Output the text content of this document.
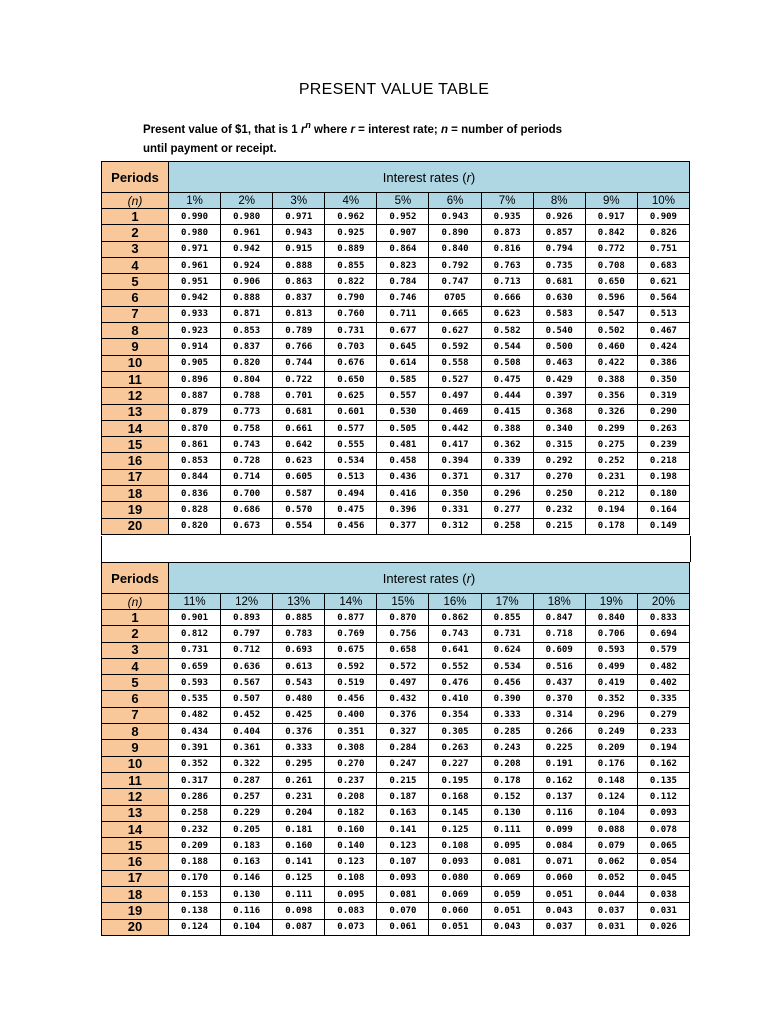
PRESENT VALUE TABLE
Present value of $1, that is 1 $r^n$ where r = interest rate; n = number of periods
until payment or receipt.
Periods	Interest rates (r)									
(n)	1%	2%	3%	4%	5%	6%	7%	8%	9%	10%
1	0.990	0.980	0.971	0.962	0.952	0.943	0.935	0.926	0.917	0.909
2	0.980	0.961	0.943	0.925	0.907	0.890	0.873	0.857	0.842	0.826
3	0.971	0.942	0.915	0.889	0.864	0.840	0.816	0.794	0.772	0.751
4	0.961	0.924	0.888	0.855	0.823	0.792	0.763	0.735	0.708	0.683
5	0.951	0.906	0.863	0.822	0.784	0.747	0.713	0.681	0.650	0.621
6	0.942	0.888	0.837	0.790	0.746	0705	0.666	0.630	0.596	0.564
7	0.933	0.871	0.813	0.760	0.711	0.665	0.623	0.583	0.547	0.513
8	0.923	0.853	0.789	0.731	0.677	0.627	0.582	0.540	0.502	0.467
9	0.914	0.837	0.766	0.703	0.645	0.592	0.544	0.500	0.460	0.424
10	0.905	0.820	0.744	0.676	0.614	0.558	0.508	0.463	0.422	0.386
11	0.896	0.804	0.722	0.650	0.585	0.527	0.475	0.429	0.388	0.350
12	0.887	0.788	0.701	0.625	0.557	0.497	0.444	0.397	0.356	0.319
13	0.879	0.773	0.681	0.601	0.530	0.469	0.415	0.368	0.326	0.290
14	0.870	0.758	0.661	0.577	0.505	0.442	0.388	0.340	0.299	0.263
15	0.861	0.743	0.642	0.555	0.481	0.417	0.362	0.315	0.275	0.239
16	0.853	0.728	0.623	0.534	0.458	0.394	0.339	0.292	0.252	0.218
17	0.844	0.714	0.605	0.513	0.436	0.371	0.317	0.270	0.231	0.198
18	0.836	0.700	0.587	0.494	0.416	0.350	0.296	0.250	0.212	0.180
19	0.828	0.686	0.570	0.475	0.396	0.331	0.277	0.232	0.194	0.164
20	0.820	0.673	0.554	0.456	0.377	0.312	0.258	0.215	0.178	0.149
Periods	Interest rates (r)									
(n)	11%	12%	13%	14%	15%	16%	17%	18%	19%	20%
1	0.901	0.893	0.885	0.877	0.870	0.862	0.855	0.847	0.840	0.833
2	0.812	0.797	0.783	0.769	0.756	0.743	0.731	0.718	0.706	0.694
3	0.731	0.712	0.693	0.675	0.658	0.641	0.624	0.609	0.593	0.579
4	0.659	0.636	0.613	0.592	0.572	0.552	0.534	0.516	0.499	0.482
5	0.593	0.567	0.543	0.519	0.497	0.476	0.456	0.437	0.419	0.402
6	0.535	0.507	0.480	0.456	0.432	0.410	0.390	0.370	0.352	0.335
7	0.482	0.452	0.425	0.400	0.376	0.354	0.333	0.314	0.296	0.279
8	0.434	0.404	0.376	0.351	0.327	0.305	0.285	0.266	0.249	0.233
9	0.391	0.361	0.333	0.308	0.284	0.263	0.243	0.225	0.209	0.194
10	0.352	0.322	0.295	0.270	0.247	0.227	0.208	0.191	0.176	0.162
11	0.317	0.287	0.261	0.237	0.215	0.195	0.178	0.162	0.148	0.135
12	0.286	0.257	0.231	0.208	0.187	0.168	0.152	0.137	0.124	0.112
13	0.258	0.229	0.204	0.182	0.163	0.145	0.130	0.116	0.104	0.093
14	0.232	0.205	0.181	0.160	0.141	0.125	0.111	0.099	0.088	0.078
15	0.209	0.183	0.160	0.140	0.123	0.108	0.095	0.084	0.079	0.065
16	0.188	0.163	0.141	0.123	0.107	0.093	0.081	0.071	0.062	0.054
17	0.170	0.146	0.125	0.108	0.093	0.080	0.069	0.060	0.052	0.045
18	0.153	0.130	0.111	0.095	0.081	0.069	0.059	0.051	0.044	0.038
19	0.138	0.116	0.098	0.083	0.070	0.060	0.051	0.043	0.037	0.031
20	0.124	0.104	0.087	0.073	0.061	0.051	0.043	0.037	0.031	0.026
